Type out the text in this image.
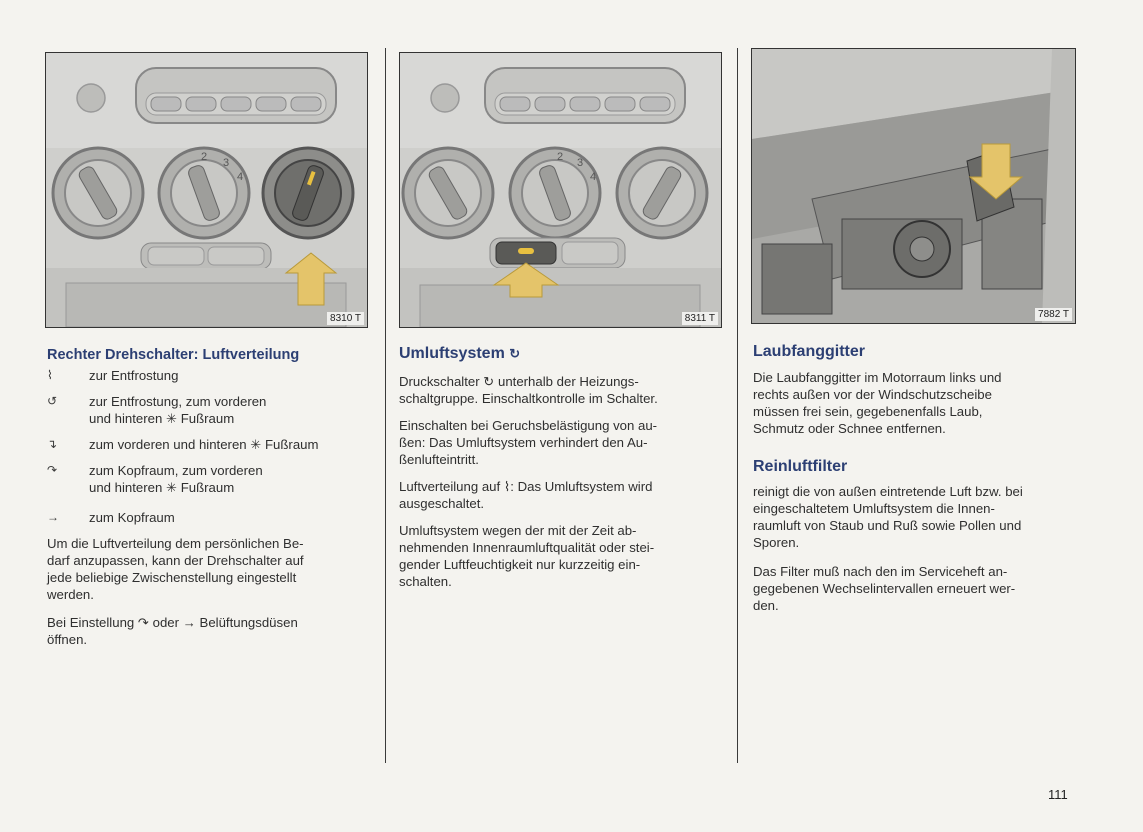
2 3
4
8310 T
2 3
4
8311 T	7882 T
Rechter Drehschalter: Luftverteilung
⌇	zur Entfrostung
↺	zur Entfrostung, zum vorderen
und hinteren ✳ Fußraum
↴	zum vorderen und hinteren ✳ Fußraum
↷	zum Kopfraum, zum vorderen
und hinteren ✳ Fußraum
→	zum Kopfraum
Um die Luftverteilung dem persönlichen Be-
darf anzupassen, kann der Drehschalter auf
jede beliebige Zwischenstellung eingestellt
werden.
Bei Einstellung ↷ oder → Belüftungsdüsen
öffnen.
Umluftsystem ↻
Druckschalter ↻ unterhalb der Heizungs-
schaltgruppe. Einschaltkontrolle im Schalter.
Einschalten bei Geruchsbelästigung von au-
ßen: Das Umluftsystem verhindert den Au-
ßenlufteintritt.
Luftverteilung auf ⌇: Das Umluftsystem wird
ausgeschaltet.
Umluftsystem wegen der mit der Zeit ab-
nehmenden Innenraumluftqualität oder stei-
gender Luftfeuchtigkeit nur kurzzeitig ein-
schalten.
Laubfanggitter
Die Laubfanggitter im Motorraum links und
rechts außen vor der Windschutzscheibe
müssen frei sein, gegebenenfalls Laub,
Schmutz oder Schnee entfernen.
Reinluftfilter
reinigt die von außen eintretende Luft bzw. bei
eingeschaltetem Umluftsystem die Innen-
raumluft von Staub und Ruß sowie Pollen und
Sporen.
Das Filter muß nach den im Serviceheft an-
gegebenen Wechselintervallen erneuert wer-
den.
111
